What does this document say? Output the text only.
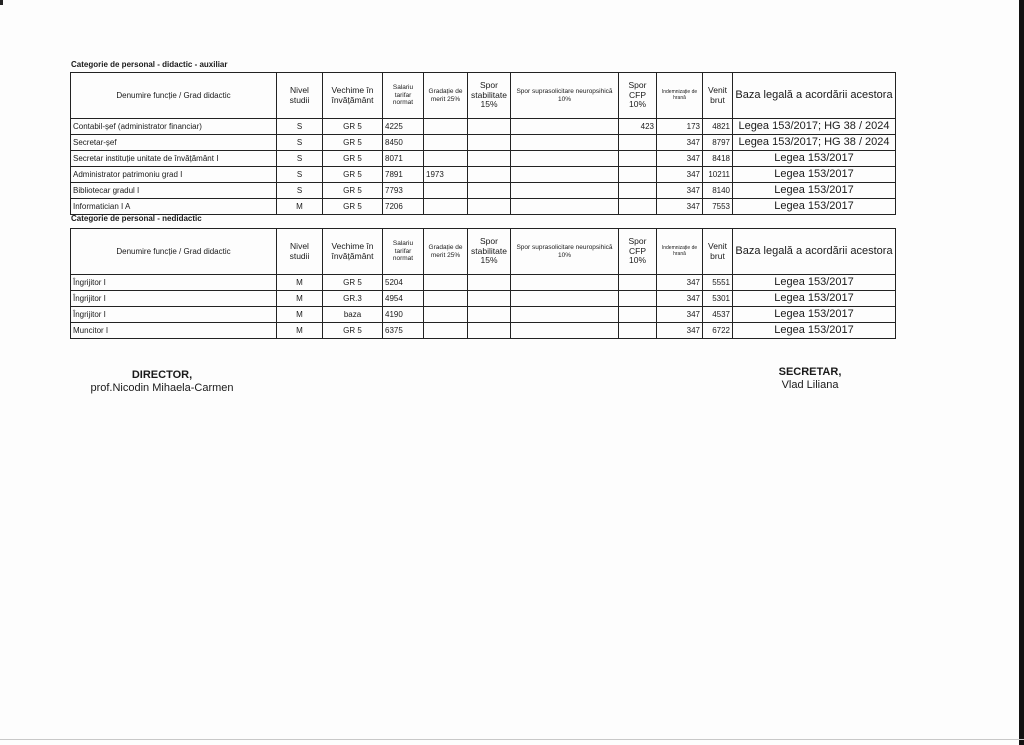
Categorie de personal - didactic - auxiliar
Denumire funcție / Grad didactic	Nivel studii	Vechime în învățământ	Salariu tarifar normat	Gradație de merit 25%	Spor stabilitate 15%	Spor suprasolicitare neuropsihică 10%	Spor CFP 10%	Indemnizație de hrană	Venit brut	Baza legală a acordării acestora
Contabil-șef (administrator financiar)	S	GR 5	4225				423	173	4821	Legea 153/2017; HG 38 / 2024
Secretar-șef	S	GR 5	8450					347	8797	Legea 153/2017; HG 38 / 2024
Secretar instituție unitate de învățământ I	S	GR 5	8071					347	8418	Legea 153/2017
Administrator patrimoniu grad I	S	GR 5	7891	1973				347	10211	Legea 153/2017
Bibliotecar gradul I	S	GR 5	7793					347	8140	Legea 153/2017
Informatician I A	M	GR 5	7206					347	7553	Legea 153/2017
Categorie de personal - nedidactic
Denumire funcție / Grad didactic	Nivel studii	Vechime în învățământ	Salariu tarifar normat	Gradație de merit 25%	Spor stabilitate 15%	Spor suprasolicitare neuropsihică 10%	Spor CFP 10%	Indemnizație de hrană	Venit brut	Baza legală a acordării acestora
Îngrijitor I	M	GR 5	5204					347	5551	Legea 153/2017
Îngrijitor I	M	GR.3	4954					347	5301	Legea 153/2017
Îngrijitor I	M	baza	4190					347	4537	Legea 153/2017
Muncitor I	M	GR 5	6375					347	6722	Legea 153/2017
DIRECTOR,
prof.Nicodin Mihaela-Carmen
SECRETAR,
Vlad Liliana
